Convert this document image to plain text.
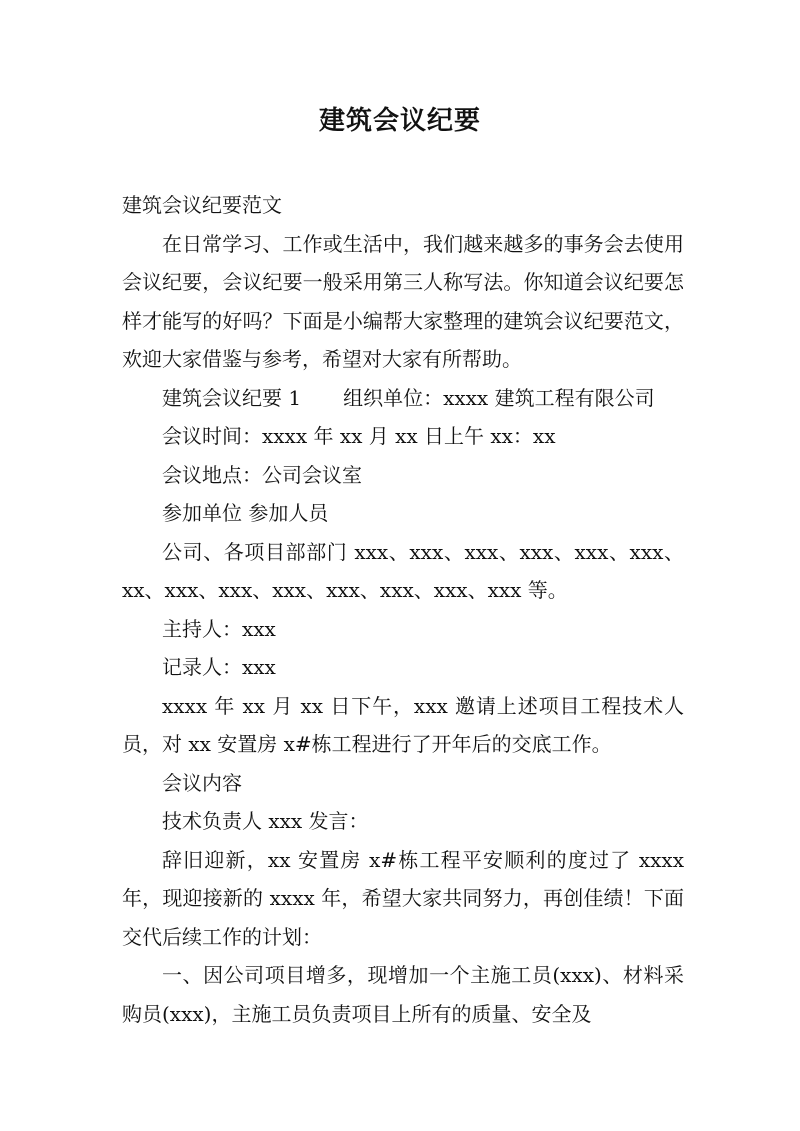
建筑会议纪要

建筑会议纪要范文

在日常学习、工作或生活中，我们越来越多的事务会去使用会议纪要，会议纪要一般采用第三人称写法。你知道会议纪要怎样才能写的好吗？下面是小编帮大家整理的建筑会议纪要范文，欢迎大家借鉴与参考，希望对大家有所帮助。

建筑会议纪要 1 组织单位：xxxx 建筑工程有限公司

会议时间：xxxx 年 xx 月 xx 日上午 xx：xx

会议地点：公司会议室

参加单位 参加人员

公司、各项目部部门 xxx、xxx、xxx、xxx、xxx、xxx、xx、xxx、xxx、xxx、xxx、xxx、xxx、xxx 等。

主持人：xxx

记录人：xxx

xxxx 年 xx 月 xx 日下午，xxx 邀请上述项目工程技术人员，对 xx 安置房 x#栋工程进行了开年后的交底工作。

会议内容

技术负责人 xxx 发言：

辞旧迎新，xx 安置房 x#栋工程平安顺利的度过了 xxxx 年，现迎接新的 xxxx 年，希望大家共同努力，再创佳绩！下面交代后续工作的计划：

一、因公司项目增多，现增加一个主施工员(xxx)、材料采购员(xxx)，主施工员负责项目上所有的质量、安全及
